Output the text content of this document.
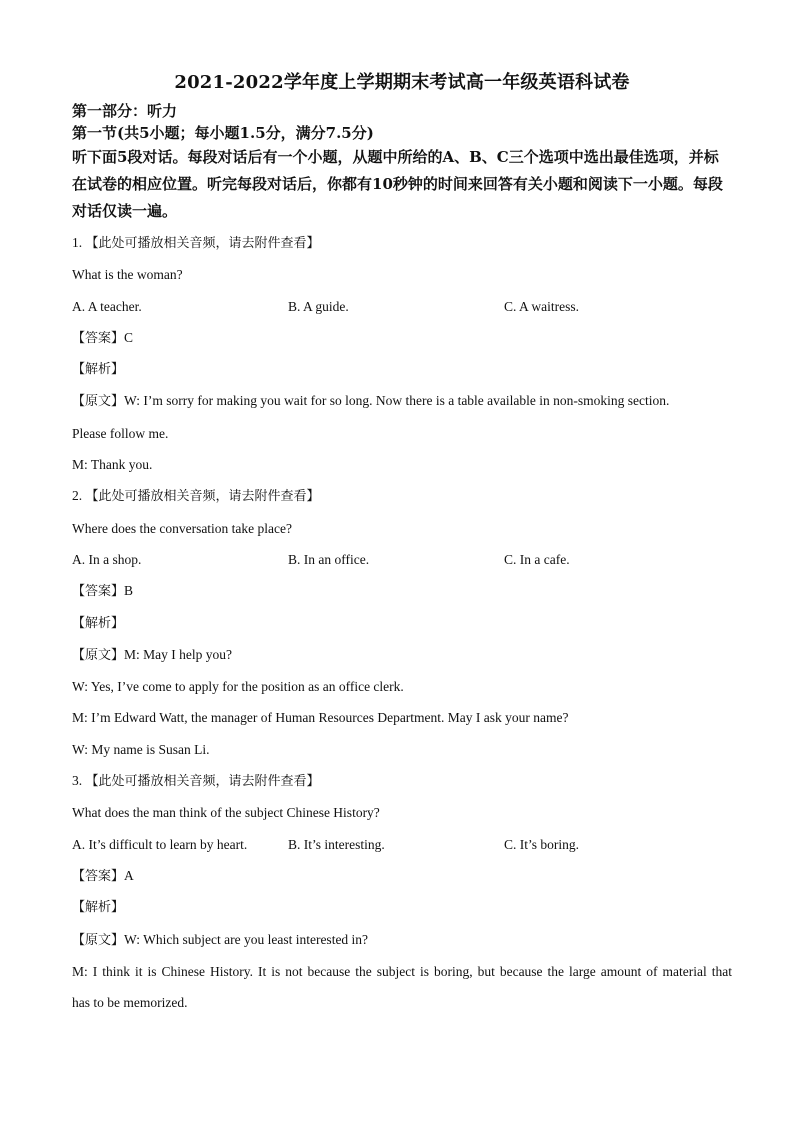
2021-2022学年度上学期期末考试高一年级英语科试卷
第一部分：听力
第一节(共5小题；每小题1.5分，满分7.5分)
听下面5段对话。每段对话后有一个小题，从题中所给的A、B、C三个选项中选出最佳选项，并标在试卷的相应位置。听完每段对话后，你都有10秒钟的时间来回答有关小题和阅读下一小题。每段对话仅读一遍。
1. 【此处可播放相关音频，请去附件查看】
What is the woman?
A. A teacher.	B. A guide.	C. A waitress.
【答案】C
【解析】
【原文】W: I’m sorry for making you wait for so long. Now there is a table available in non-smoking section.
Please follow me.
M: Thank you.
2. 【此处可播放相关音频，请去附件查看】
Where does the conversation take place?
A. In a shop.	B. In an office.	C. In a cafe.
【答案】B
【解析】
【原文】M: May I help you?
W: Yes, I’ve come to apply for the position as an office clerk.
M: I’m Edward Watt, the manager of Human Resources Department. May I ask your name?
W: My name is Susan Li.
3. 【此处可播放相关音频，请去附件查看】
What does the man think of the subject Chinese History?
A. It’s difficult to learn by heart.	B. It’s interesting.	C. It’s boring.
【答案】A
【解析】
【原文】W: Which subject are you least interested in?
M: I think it is Chinese History. It is not because the subject is boring, but because the large amount of material that
has to be memorized.
